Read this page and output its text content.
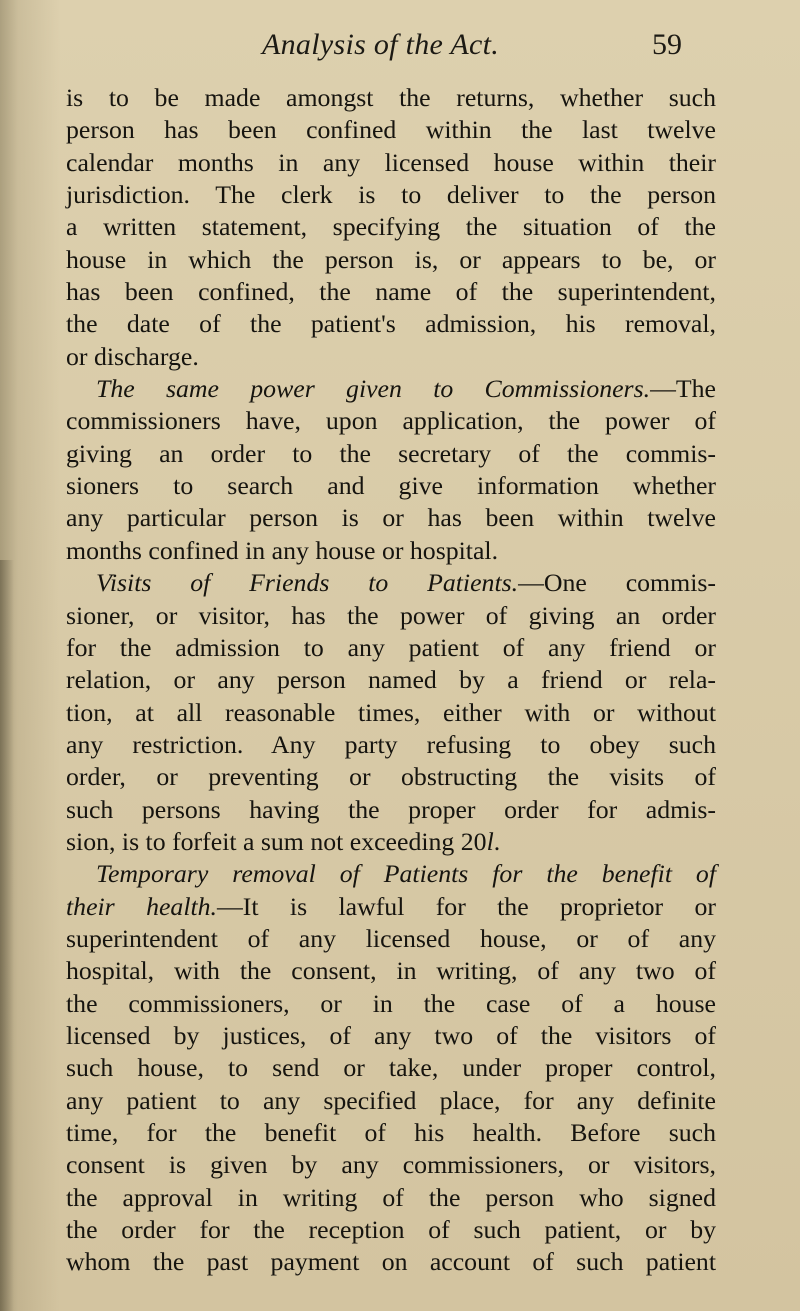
Analysis of the Act.	59
is to be made amongst the returns, whether such
person has been confined within the last twelve
calendar months in any licensed house within their
jurisdiction. The clerk is to deliver to the person
a written statement, specifying the situation of the
house in which the person is, or appears to be, or
has been confined, the name of the superintendent,
the date of the patient's admission, his removal,
or discharge.
The same power given to Commissioners.—The
commissioners have, upon application, the power of
giving an order to the secretary of the commis-
sioners to search and give information whether
any particular person is or has been within twelve
months confined in any house or hospital.
Visits of Friends to Patients.—One commis-
sioner, or visitor, has the power of giving an order
for the admission to any patient of any friend or
relation, or any person named by a friend or rela-
tion, at all reasonable times, either with or without
any restriction. Any party refusing to obey such
order, or preventing or obstructing the visits of
such persons having the proper order for admis-
sion, is to forfeit a sum not exceeding 20l.
Temporary removal of Patients for the benefit of
their health.—It is lawful for the proprietor or
superintendent of any licensed house, or of any
hospital, with the consent, in writing, of any two of
the commissioners, or in the case of a house
licensed by justices, of any two of the visitors of
such house, to send or take, under proper control,
any patient to any specified place, for any definite
time, for the benefit of his health. Before such
consent is given by any commissioners, or visitors,
the approval in writing of the person who signed
the order for the reception of such patient, or by
whom the past payment on account of such patient
